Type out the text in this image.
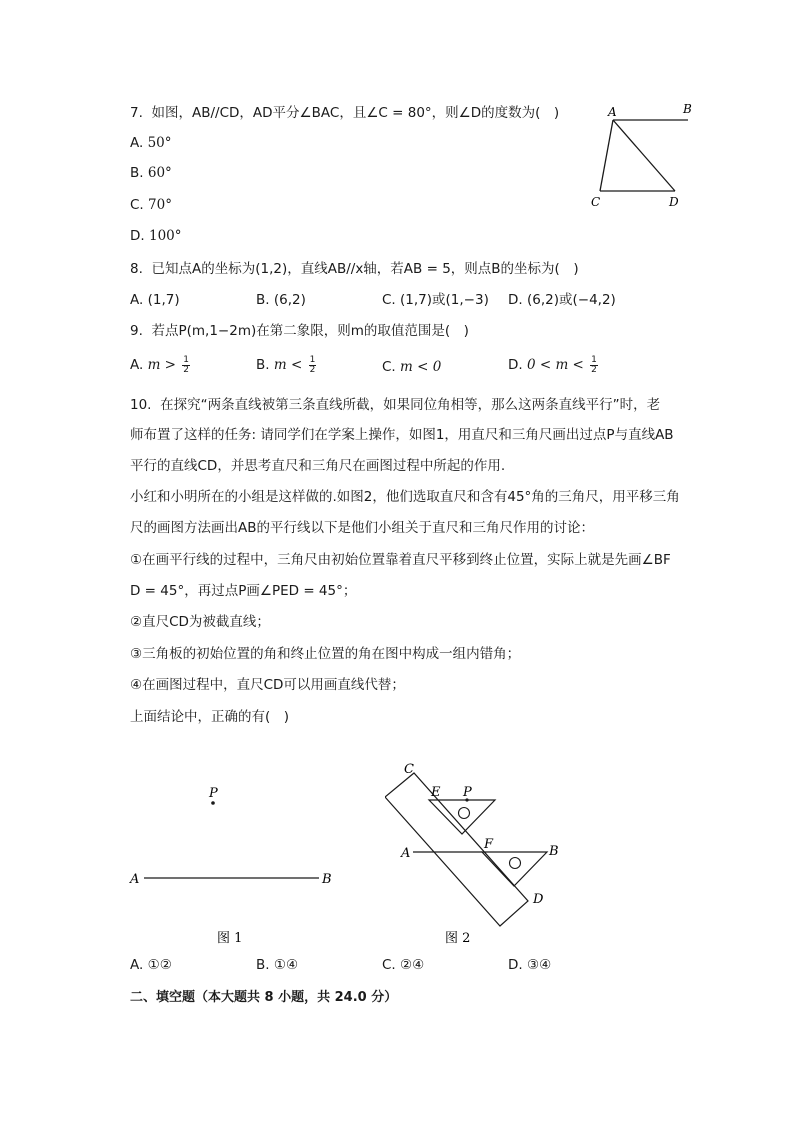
7. 如图，AB//CD，AD平分∠BAC，且∠C = 80°，则∠D的度数为(　)
A. 50°
B. 60°
C. 70°
D. 100°
A	B
C	D
8. 已知点A的坐标为(1,2)，直线AB//x轴，若AB = 5，则点B的坐标为(　)
A. (1,7)	B. (6,2)	C. (1,7)或(1,−3) D. (6,2)或(−4,2)
9. 若点P(m,1−2m)在第二象限，则m的取值范围是(　)
A. $m > \frac{1}{2}$	B. $m < \frac{1}{2}$	C. m < 0	D. $0 < m < \frac{1}{2}$
10. 在探究“两条直线被第三条直线所截，如果同位角相等，那么这两条直线平行”时，老
师布置了这样的任务: 请同学们在学案上操作，如图1，用直尺和三角尺画出过点P与直线AB
平行的直线CD，并思考直尺和三角尺在画图过程中所起的作用.
小红和小明所在的小组是这样做的.如图2，他们选取直尺和含有45°角的三角尺，用平移三角
尺的画图方法画出AB的平行线以下是他们小组关于直尺和三角尺作用的讨论：
①在画平行线的过程中，三角尺由初始位置靠着直尺平移到终止位置，实际上就是先画∠BF
D = 45°，再过点P画∠PED = 45°；
②直尺CD为被截直线；
③三角板的初始位置的角和终止位置的角在图中构成一组内错角；
④在画图过程中，直尺CD可以用画直线代替；
上面结论中，正确的有(　)
P
A	B
图 1
C
E P
A
F	B
D
图 2
A. ①②	B. ①④	C. ②④	D. ③④
二、填空题（本大题共 8 小题，共 24.0 分）
